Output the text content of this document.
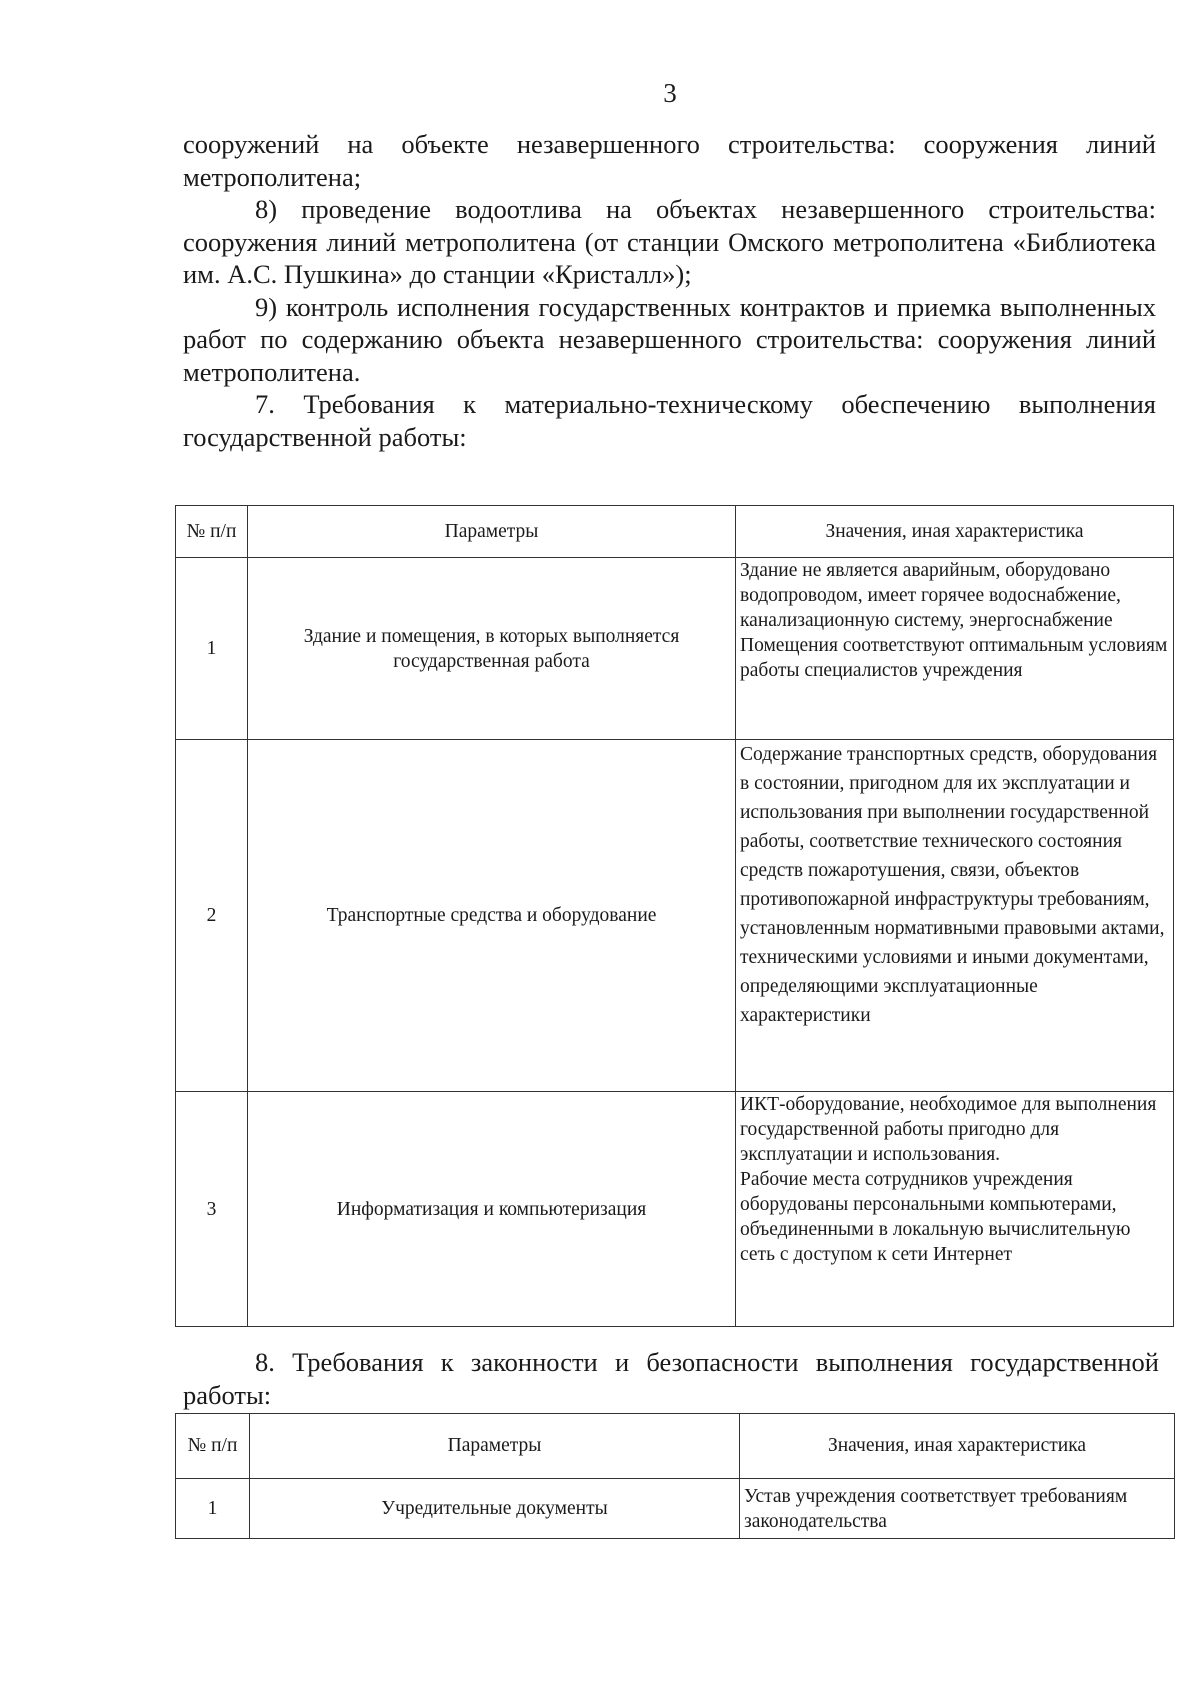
3

сооружений на объекте незавершенного строительства: сооружения линий метрополитена;

8) проведение водоотлива на объектах незавершенного строительства: сооружения линий метрополитена (от станции Омского метрополитена «Библиотека им. А.С. Пушкина» до станции «Кристалл»);

9) контроль исполнения государственных контрактов и приемка выполненных работ по содержанию объекта незавершенного строительства: сооружения линий метрополитена.

7. Требования к материально-техническому обеспечению выполнения государственной работы:

№ п/п	Параметры	Значения, иная характеристика
1	Здание и помещения, в которых выполняется государственная работа	Здание не является аварийным, оборудовано водопроводом, имеет горячее водоснабжение, канализационную систему, энергоснабжение
Помещения соответствуют оптимальным условиям работы специалистов учреждения
2	Транспортные средства и оборудование	Содержание транспортных средств, оборудования в состоянии, пригодном для их эксплуатации и использования при выполнении государственной работы, соответствие технического состояния средств пожаротушения, связи, объектов противопожарной инфраструктуры требованиям, установленным нормативными правовыми актами, техническими условиями и иными документами, определяющими эксплуатационные характеристики
3	Информатизация и компьютеризация	ИКТ-оборудование, необходимое для выполнения государственной работы пригодно для эксплуатации и использования.
Рабочие места сотрудников учреждения оборудованы персональными компьютерами, объединенными в локальную вычислительную сеть с доступом к сети Интернет

8. Требования к законности и безопасности выполнения государственной работы:

№ п/п	Параметры	Значения, иная характеристика
1	Учредительные документы	Устав учреждения соответствует требованиям законодательства
